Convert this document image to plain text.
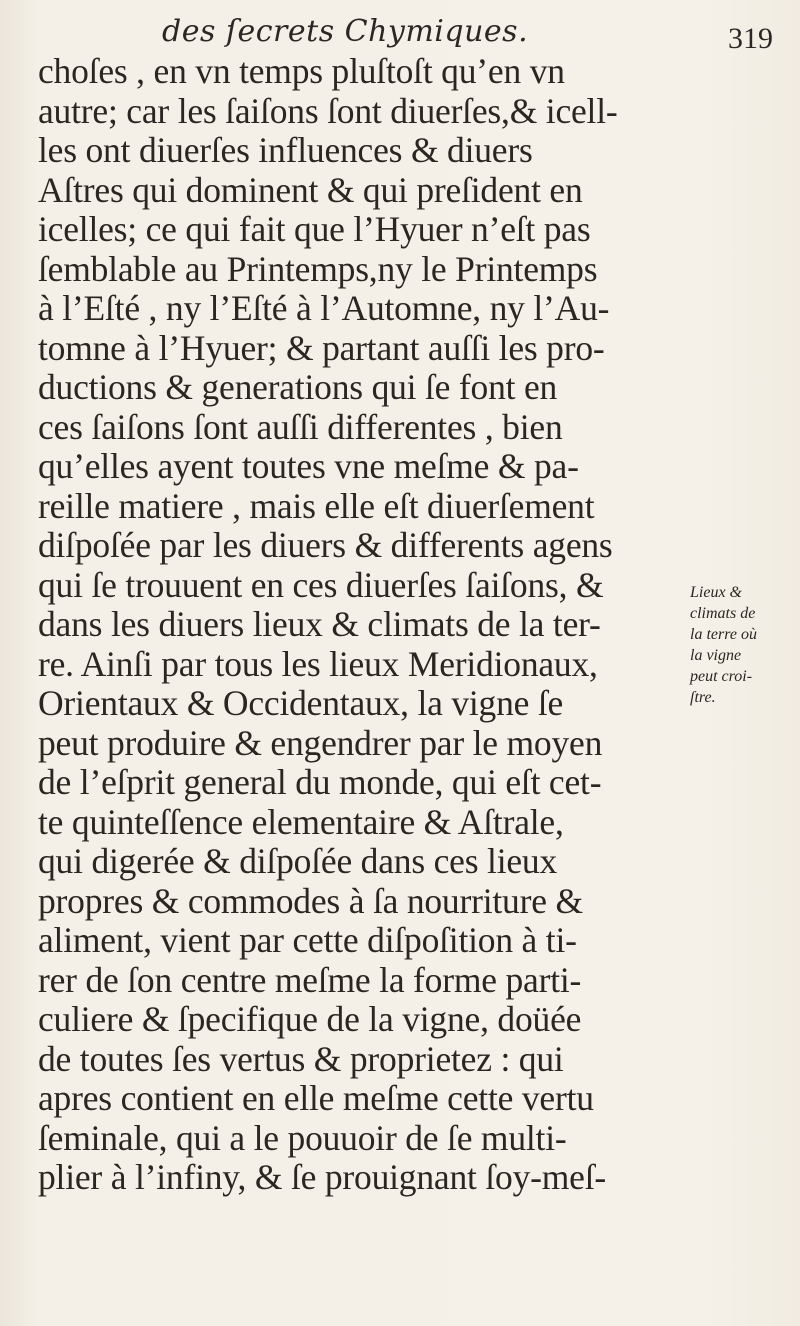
des ſecrets Chymiques.	319
choſes , en vn temps pluſtoſt qu’en vn
autre; car les ſaiſons ſont diuerſes,& icell-
les ont diuerſes influences & diuers
Aſtres qui dominent & qui preſident en
icelles; ce qui fait que l’Hyuer n’eſt pas
ſemblable au Printemps,ny le Printemps
à l’Eſté , ny l’Eſté à l’Automne, ny l’Au-
tomne à l’Hyuer; & partant auſſi les pro-
ductions & generations qui ſe font en
ces ſaiſons ſont auſſi differentes , bien
qu’elles ayent toutes vne meſme & pa-
reille matiere , mais elle eſt diuerſement
diſpoſée par les diuers & differents agens
qui ſe trouuent en ces diuerſes ſaiſons, &
dans les diuers lieux & climats de la ter-
re. Ainſi par tous les lieux Meridionaux,
Orientaux & Occidentaux, la vigne ſe
peut produire & engendrer par le moyen
de l’eſprit general du monde, qui eſt cet-
te quinteſſence elementaire & Aſtrale,
qui digerée & diſpoſée dans ces lieux
propres & commodes à ſa nourriture &
aliment, vient par cette diſpoſition à ti-
rer de ſon centre meſme la forme parti-
culiere & ſpecifique de la vigne, doüée
de toutes ſes vertus & proprietez : qui
apres contient en elle meſme cette vertu
ſeminale, qui a le pouuoir de ſe multi-
plier à l’infiny, & ſe prouignant ſoy-meſ-
Lieux &
climats de
la terre où
la vigne
peut croi-
ſtre.
